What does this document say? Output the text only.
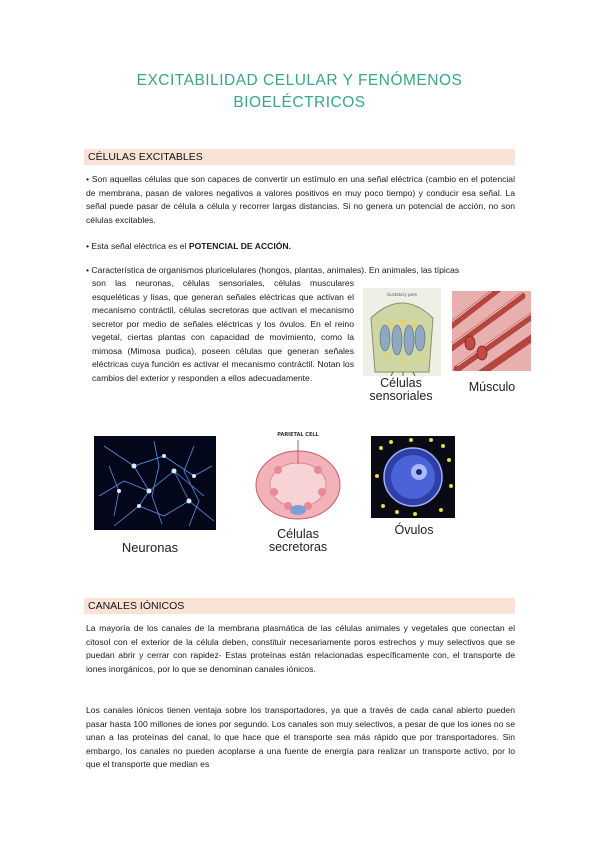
EXCITABILIDAD CELULAR Y FENÓMENOS
BIOELÉCTRICOS
CÉLULAS EXCITABLES
• Son aquellas células que son capaces de convertir un estímulo en una señal eléctrica (cambio en el potencial de membrana, pasan de valores negativos a valores positivos en muy poco tiempo) y conducir esa señal. La señal puede pasar de célula a célula y recorrer largas distancias. Si no genera un potencial de acción, no son células excitables.
• Esta señal eléctrica es el POTENCIAL DE ACCIÓN.
• Característica de organismos pluricelulares (hongos, plantas, animales). En animales, las típicas
son las neuronas, células sensoriales, células musculares esqueléticas y lisas, que generan señales eléctricas que activan el mecanismo contráctil, células secretoras que activan el mecanismo secretor por medio de señales eléctricas y los óvulos. En el reino vegetal, ciertas plantas con capacidad de movimiento, como la mimosa (Mimosa pudica), poseen células que generan señales eléctricas cuya función es activar el mecanismo contráctil. Notan los cambios del exterior y responden a ellos adecuadamente.
Gustatory pore
Células
sensoriales
Músculo
Neuronas
PARIETAL CELL
Células
secretoras
Óvulos
CANALES IÓNICOS
La mayoría de los canales de la membrana plasmática de las células animales y vegetales que conectan el citosol con el exterior de la célula deben, constituir necesariamente poros estrechos y muy selectivos que se puedan abrir y cerrar con rapidez- Estas proteínas están relacionadas específicamente con, el transporte de iones inorgánicos, por lo que se denominan canales iónicos.
Los canales iónicos tienen ventaja sobre los transportadores, ya que a través de cada canal abierto pueden pasar hasta 100 millones de iones por segundo. Los canales son muy selectivos, a pesar de que los iones no se unan a las proteínas del canal, lo que hace que el transporte sea más rápido que por transportadores. Sin embargo, los canales no pueden acoplarse a una fuente de energía para realizar un transporte activo, por lo que el transporte que median es
